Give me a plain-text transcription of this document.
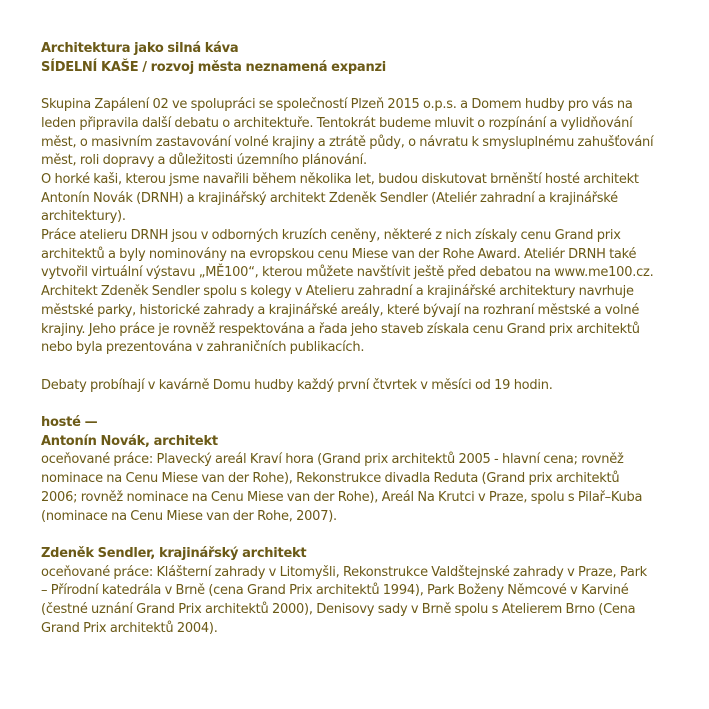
Architektura jako silná káva
SÍDELNÍ KAŠE / rozvoj města neznamená expanzi
Skupina Zapálení 02 ve spolupráci se společností Plzeň 2015 o.p.s. a Domem hudby pro vás na
leden připravila další debatu o architektuře. Tentokrát budeme mluvit o rozpínání a vylidňování
měst, o masivním zastavování volné krajiny a ztrátě půdy, o návratu k smysluplnému zahušťování
měst, roli dopravy a důležitosti územního plánování.
O horké kaši, kterou jsme navařili během několika let, budou diskutovat brněnští hosté architekt
Antonín Novák (DRNH) a krajinářský architekt Zdeněk Sendler (Ateliér zahradní a krajinářské
architektury).
Práce atelieru DRNH jsou v odborných kruzích ceněny, některé z nich získaly cenu Grand prix
architektů a byly nominovány na evropskou cenu Miese van der Rohe Award. Ateliér DRNH také
vytvořil virtuální výstavu „MĚ100“, kterou můžete navštívit ještě před debatou na www.me100.cz.
Architekt Zdeněk Sendler spolu s kolegy v Atelieru zahradní a krajinářské architektury navrhuje
městské parky, historické zahrady a krajinářské areály, které bývají na rozhraní městské a volné
krajiny. Jeho práce je rovněž respektována a řada jeho staveb získala cenu Grand prix architektů
nebo byla prezentována v zahraničních publikacích.
Debaty probíhají v kavárně Domu hudby každý první čtvrtek v měsíci od 19 hodin.
hosté —
Antonín Novák, architekt
oceňované práce: Plavecký areál Kraví hora (Grand prix architektů 2005 - hlavní cena; rovněž
nominace na Cenu Miese van der Rohe), Rekonstrukce divadla Reduta (Grand prix architektů
2006; rovněž nominace na Cenu Miese van der Rohe), Areál Na Krutci v Praze, spolu s Pilař–Kuba
(nominace na Cenu Miese van der Rohe, 2007).
Zdeněk Sendler, krajinářský architekt
oceňované práce: Klášterní zahrady v Litomyšli, Rekonstrukce Valdštejnské zahrady v Praze, Park
– Přírodní katedrála v Brně (cena Grand Prix architektů 1994), Park Boženy Němcové v Karviné
(čestné uznání Grand Prix architektů 2000), Denisovy sady v Brně spolu s Atelierem Brno (Cena
Grand Prix architektů 2004).
